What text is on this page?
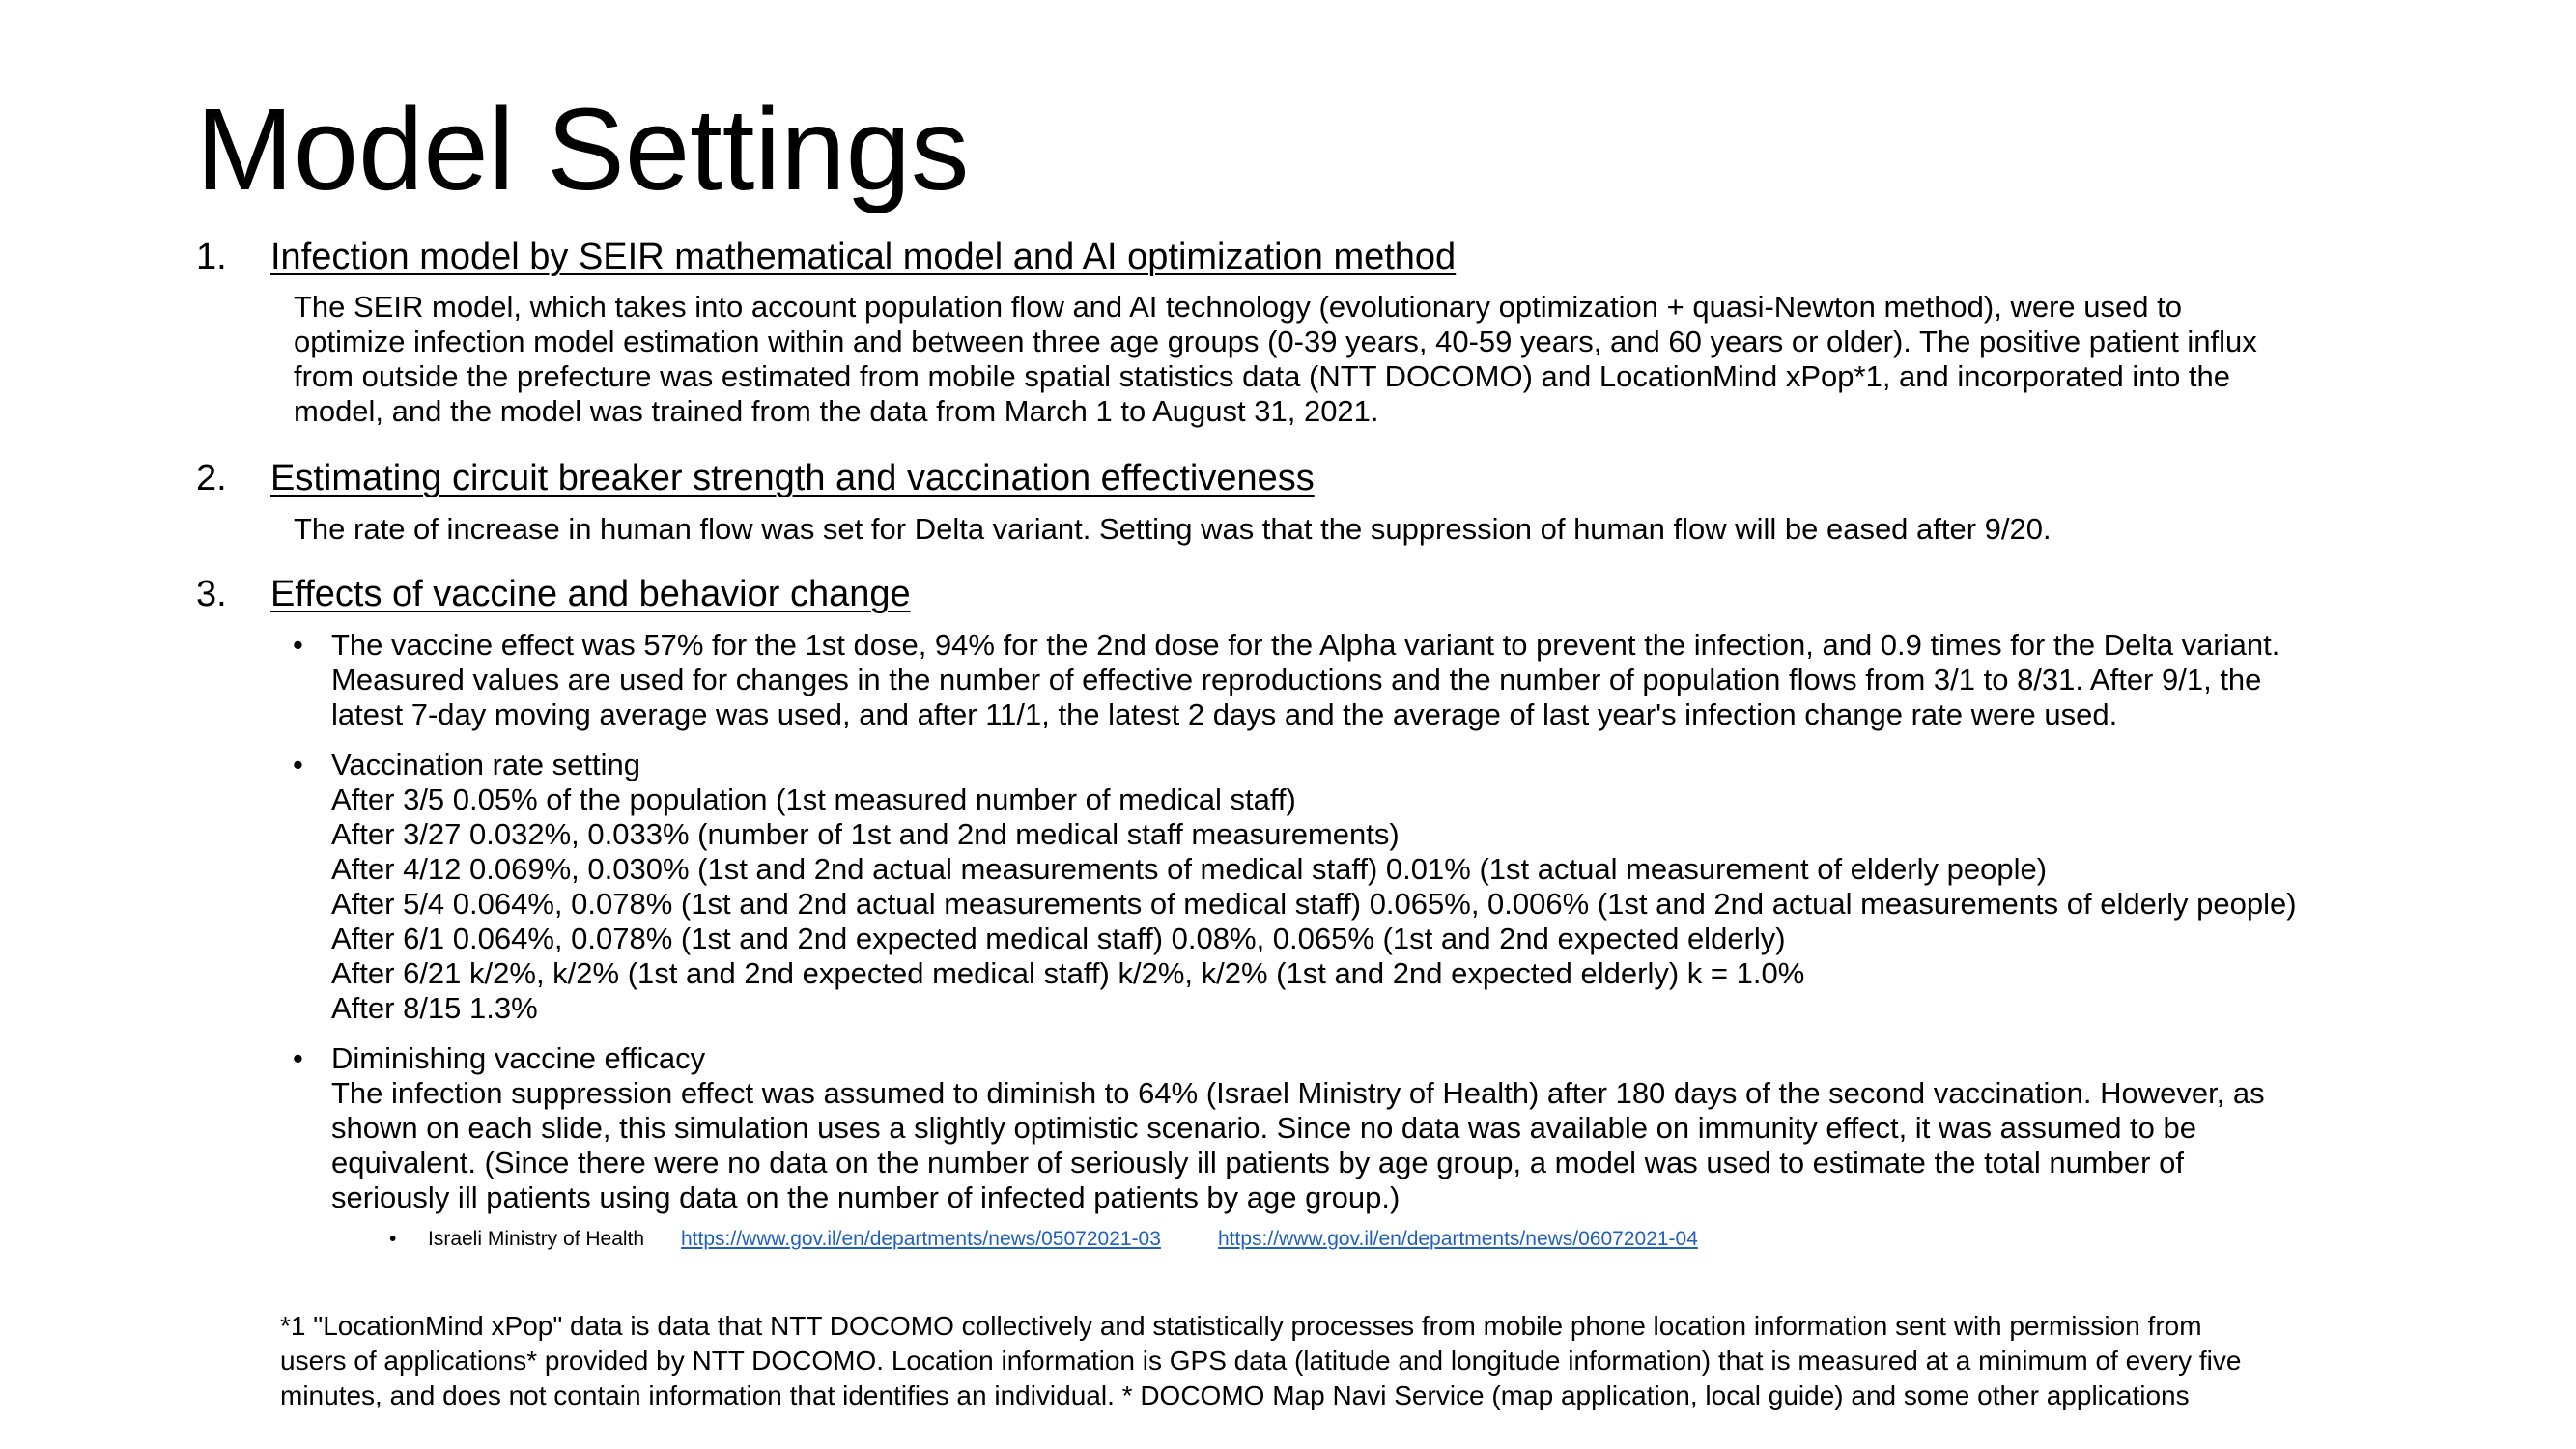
Model Settings
1. Infection model by SEIR mathematical model and AI optimization method
The SEIR model, which takes into account population flow and AI technology (evolutionary optimization + quasi-Newton method), were used to
optimize infection model estimation within and between three age groups (0-39 years, 40-59 years, and 60 years or older). The positive patient influx
from outside the prefecture was estimated from mobile spatial statistics data (NTT DOCOMO) and LocationMind xPop*1, and incorporated into the
model, and the model was trained from the data from March 1 to August 31, 2021.
2. Estimating circuit breaker strength and vaccination effectiveness
The rate of increase in human flow was set for Delta variant. Setting was that the suppression of human flow will be eased after 9/20.
3. Effects of vaccine and behavior change
• The vaccine effect was 57% for the 1st dose, 94% for the 2nd dose for the Alpha variant to prevent the infection, and 0.9 times for the Delta variant.
Measured values are used for changes in the number of effective reproductions and the number of population flows from 3/1 to 8/31. After 9/1, the
latest 7-day moving average was used, and after 11/1, the latest 2 days and the average of last year's infection change rate were used.
• Vaccination rate setting
After 3/5 0.05% of the population (1st measured number of medical staff)
After 3/27 0.032%, 0.033% (number of 1st and 2nd medical staff measurements)
After 4/12 0.069%, 0.030% (1st and 2nd actual measurements of medical staff) 0.01% (1st actual measurement of elderly people)
After 5/4 0.064%, 0.078% (1st and 2nd actual measurements of medical staff) 0.065%, 0.006% (1st and 2nd actual measurements of elderly people)
After 6/1 0.064%, 0.078% (1st and 2nd expected medical staff) 0.08%, 0.065% (1st and 2nd expected elderly)
After 6/21 k/2%, k/2% (1st and 2nd expected medical staff) k/2%, k/2% (1st and 2nd expected elderly) k = 1.0%
After 8/15 1.3%
• Diminishing vaccine efficacy
The infection suppression effect was assumed to diminish to 64% (Israel Ministry of Health) after 180 days of the second vaccination. However, as
shown on each slide, this simulation uses a slightly optimistic scenario. Since no data was available on immunity effect, it was assumed to be
equivalent. (Since there were no data on the number of seriously ill patients by age group, a model was used to estimate the total number of
seriously ill patients using data on the number of infected patients by age group.)
• Israeli Ministry of Health https://www.gov.il/en/departments/news/05072021-03	https://www.gov.il/en/departments/news/06072021-04
*1 "LocationMind xPop" data is data that NTT DOCOMO collectively and statistically processes from mobile phone location information sent with permission from
users of applications* provided by NTT DOCOMO. Location information is GPS data (latitude and longitude information) that is measured at a minimum of every five
minutes, and does not contain information that identifies an individual. * DOCOMO Map Navi Service (map application, local guide) and some other applications
